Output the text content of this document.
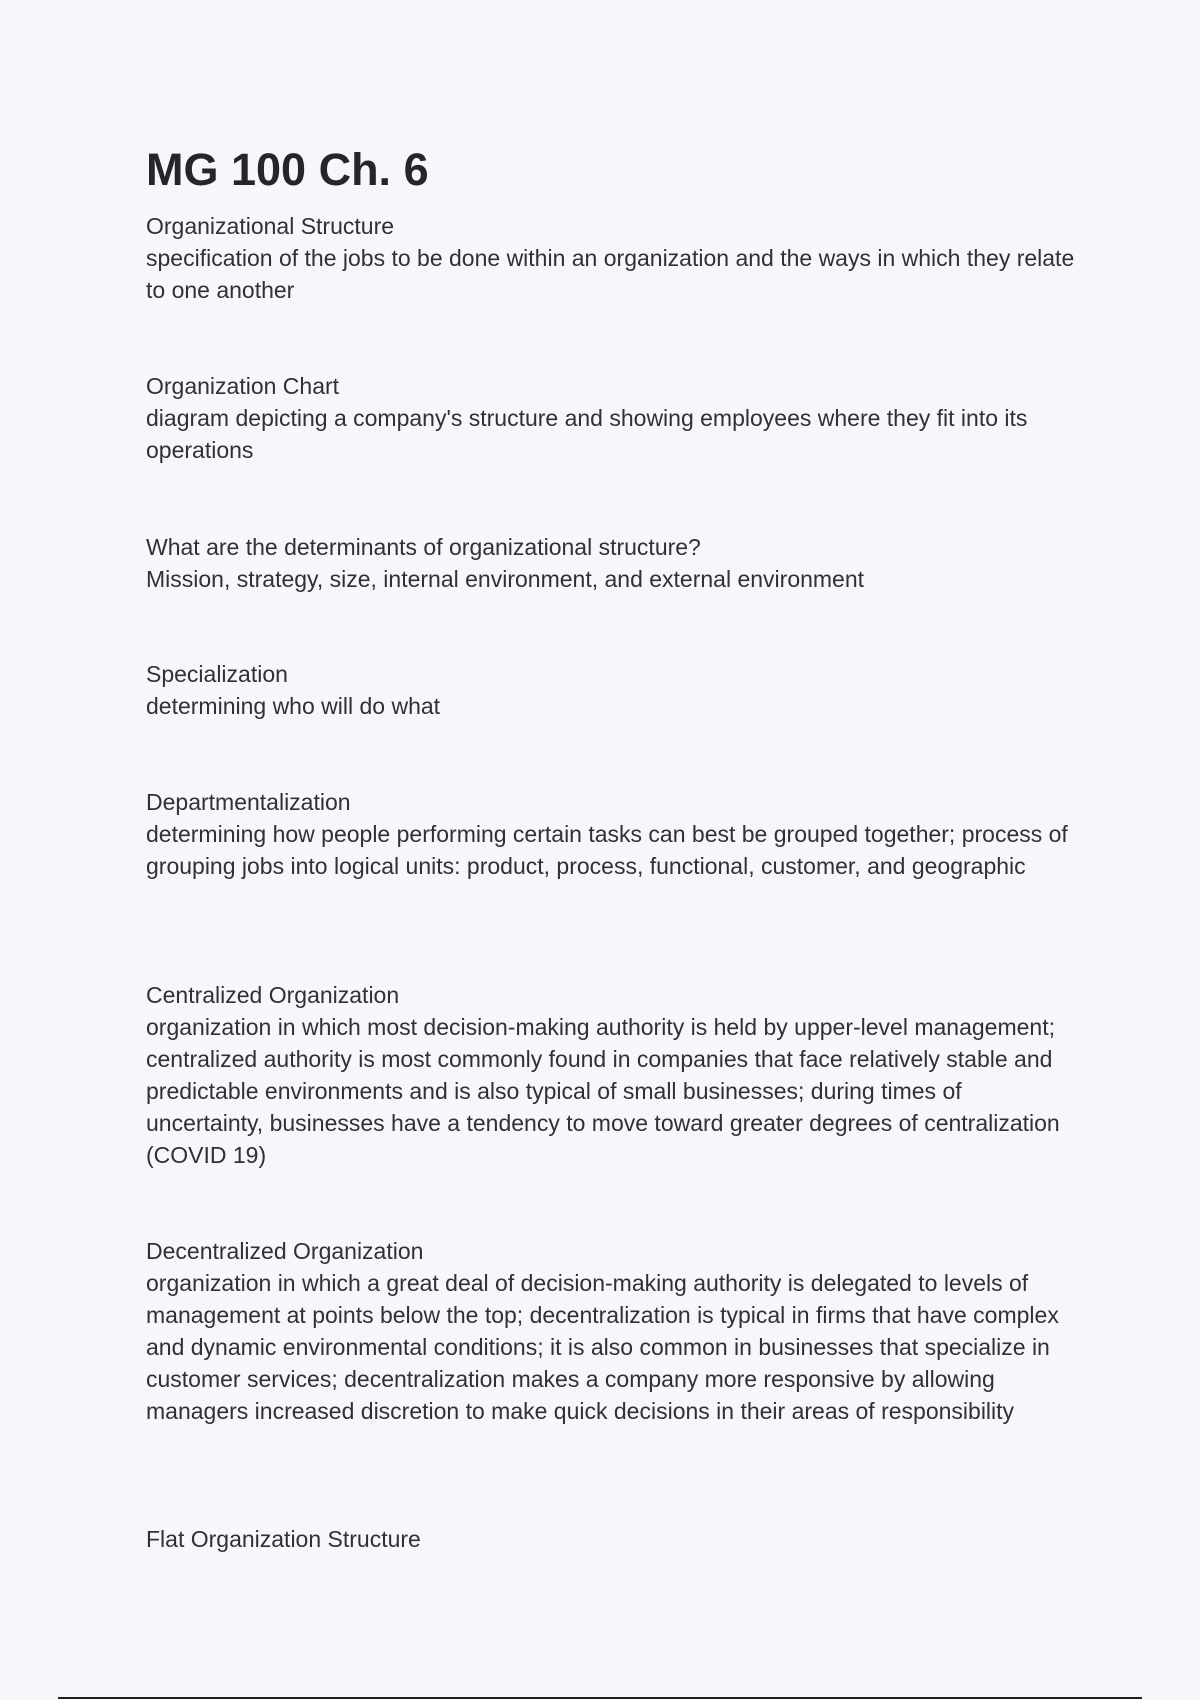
MG 100 Ch. 6
Organizational Structure
specification of the jobs to be done within an organization and the ways in which they relate to one another
Organization Chart
diagram depicting a company's structure and showing employees where they fit into its operations
What are the determinants of organizational structure?
Mission, strategy, size, internal environment, and external environment
Specialization
determining who will do what
Departmentalization
determining how people performing certain tasks can best be grouped together; process of grouping jobs into logical units: product, process, functional, customer, and geographic
Centralized Organization
organization in which most decision-making authority is held by upper-level management; centralized authority is most commonly found in companies that face relatively stable and predictable environments and is also typical of small businesses; during times of uncertainty, businesses have a tendency to move toward greater degrees of centralization (COVID 19)
Decentralized Organization
organization in which a great deal of decision-making authority is delegated to levels of management at points below the top; decentralization is typical in firms that have complex and dynamic environmental conditions; it is also common in businesses that specialize in customer services; decentralization makes a company more responsive by allowing managers increased discretion to make quick decisions in their areas of responsibility
Flat Organization Structure
